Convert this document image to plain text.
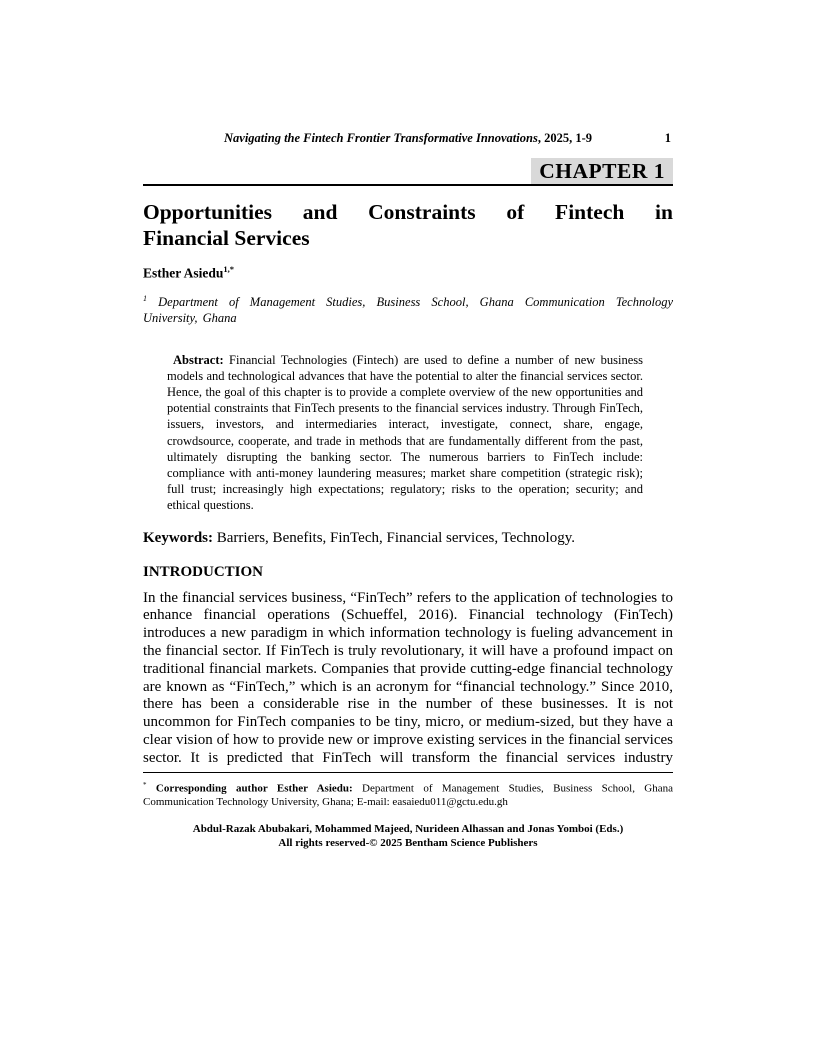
Navigating the Fintech Frontier Transformative Innovations, 2025, 1-9	1
CHAPTER 1
Opportunities and Constraints of Fintech in
Financial Services

Esther Asiedu$^{1,*}$

$^1$ Department of Management Studies, Business School, Ghana Communication Technology University, Ghana

Abstract: Financial Technologies (Fintech) are used to define a number of new business models and technological advances that have the potential to alter the financial services sector. Hence, the goal of this chapter is to provide a complete overview of the new opportunities and potential constraints that FinTech presents to the financial services industry. Through FinTech, issuers, investors, and intermediaries interact, investigate, connect, share, engage, crowdsource, cooperate, and trade in methods that are fundamentally different from the past, ultimately disrupting the banking sector. The numerous barriers to FinTech include: compliance with anti-money laundering measures; market share competition (strategic risk); full trust; increasingly high expectations; regulatory; risks to the operation; security; and ethical questions.

Keywords: Barriers, Benefits, FinTech, Financial services, Technology.

INTRODUCTION

In the financial services business, “FinTech” refers to the application of technologies to enhance financial operations (Schueffel, 2016). Financial technology (FinTech) introduces a new paradigm in which information technology is fueling advancement in the financial sector. If FinTech is truly revolutionary, it will have a profound impact on traditional financial markets. Companies that provide cutting-edge financial technology are known as “FinTech,” which is an acronym for “financial technology.” Since 2010, there has been a considerable rise in the number of these businesses. It is not uncommon for FinTech companies to be tiny, micro, or medium-sized, but they have a clear vision of how to provide new or improve existing services in the financial services sector. It is predicted that FinTech will transform the financial services industry

* Corresponding author Esther Asiedu: Department of Management Studies, Business School, Ghana Communication Technology University, Ghana; E-mail: easaiedu011@gctu.edu.gh

Abdul-Razak Abubakari, Mohammed Majeed, Nurideen Alhassan and Jonas Yomboi (Eds.)
All rights reserved-© 2025 Bentham Science Publishers
